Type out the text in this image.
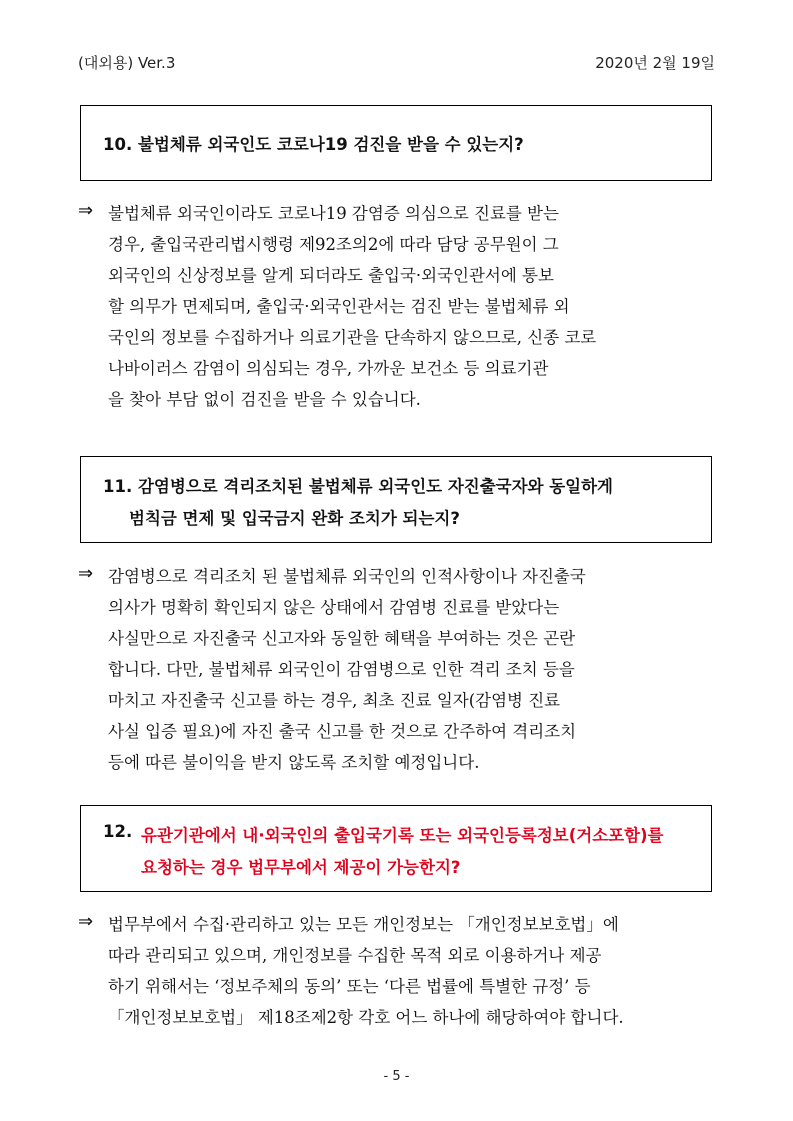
(대외용) Ver.3	2020년 2월 19일
10. 불법체류 외국인도 코로나19 검진을 받을 수 있는지?
⇒ 불법체류 외국인이라도 코로나19 감염증 의심으로 진료를 받는
경우, 출입국관리법시행령 제92조의2에 따라 담당 공무원이 그
외국인의 신상정보를 알게 되더라도 출입국·외국인관서에 통보
할 의무가 면제되며, 출입국·외국인관서는 검진 받는 불법체류 외
국인의 정보를 수집하거나 의료기관을 단속하지 않으므로, 신종 코로
나바이러스 감염이 의심되는 경우, 가까운 보건소 등 의료기관
을 찾아 부담 없이 검진을 받을 수 있습니다.
11. 감염병으로 격리조치된 불법체류 외국인도 자진출국자와 동일하게
범칙금 면제 및 입국금지 완화 조치가 되는지?
⇒ 감염병으로 격리조치 된 불법체류 외국인의 인적사항이나 자진출국
의사가 명확히 확인되지 않은 상태에서 감염병 진료를 받았다는
사실만으로 자진출국 신고자와 동일한 혜택을 부여하는 것은 곤란
합니다. 다만, 불법체류 외국인이 감염병으로 인한 격리 조치 등을
마치고 자진출국 신고를 하는 경우, 최초 진료 일자(감염병 진료
사실 입증 필요)에 자진 출국 신고를 한 것으로 간주하여 격리조치
등에 따른 불이익을 받지 않도록 조치할 예정입니다.
12. 유관기관에서 내·외국인의 출입국기록 또는 외국인등록정보(거소포함)를
요청하는 경우 법무부에서 제공이 가능한지?
⇒ 법무부에서 수집·관리하고 있는 모든 개인정보는 「개인정보보호법」에
따라 관리되고 있으며, 개인정보를 수집한 목적 외로 이용하거나 제공
하기 위해서는 ‘정보주체의 동의’ 또는 ‘다른 법률에 특별한 규정’ 등
「개인정보보호법」 제18조제2항 각호 어느 하나에 해당하여야 합니다.
- 5 -
